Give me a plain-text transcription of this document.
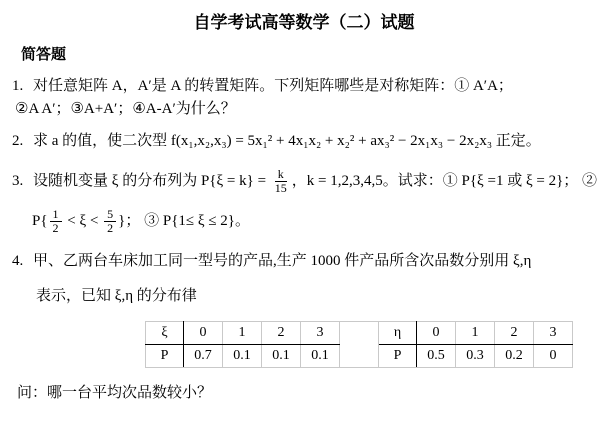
自学考试高等数学（二）试题
简答题
1. 对任意矩阵 A，A′是 A 的转置矩阵。下列矩阵哪些是对称矩阵：① A′A；
②A A′；③A+A′；④A-A′为什么？
2. 求 a 的值，使二次型 f(x₁,x₂,x₃) = 5x₁² + 4x₁x₂ + x₂² + ax₃² − 2x₁x₃ − 2x₂x₃ 正定。
3. 设随机变量 ξ 的分布列为 $P\{\xi = k\} = \frac{k}{15}$ ，k = 1,2,3,4,5。试求：① P{ξ =1 或 ξ = 2}； ②
$P\{ \frac{1}{2} < \xi < \frac{5}{2}$ }； ③ P{1≤ ξ ≤ 2}。
4. 甲、乙两台车床加工同一型号的产品,生产 1000 件产品所含次品数分别用 ξ,η
表示，已知 ξ,η 的分布律
ξ	0	1	2	3		η	0	1	2	3
P	0.7	0.1	0.1	0.1		P	0.5	0.3	0.2	0
问：哪一台平均次品数较小？
